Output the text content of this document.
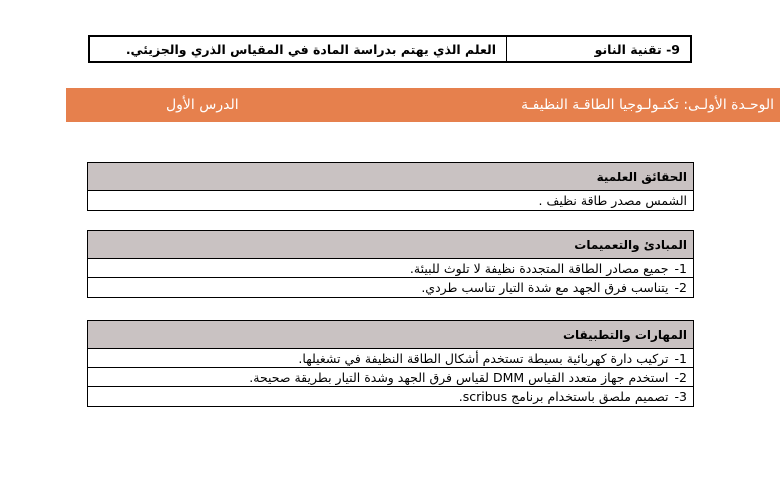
9- تقنية النانو
العلم الذي يهتم بدراسة المادة في المقياس الذري والجزيئي.
الوحـدة الأولـى: تكنـولـوجيا الطاقـة النظيفـة
الدرس الأول
الحقائق العلمية
الشمس مصدر طاقة نظيف .
المبادئ والتعميمات
1-
جميع مصادر الطاقة المتجددة نظيفة لا تلوث للبيئة.
2-
يتناسب فرق الجهد مع شدة التيار تناسب طردي.
المهارات والتطبيقات
1-
تركيب دارة كهربائية بسيطة تستخدم أشكال الطاقة النظيفة في تشغيلها.
2-
استخدم جهاز متعدد القياس DMM لقياس فرق الجهد وشدة التيار بطريقة صحيحة.
3-
تصميم ملصق باستخدام برنامج scribus.
